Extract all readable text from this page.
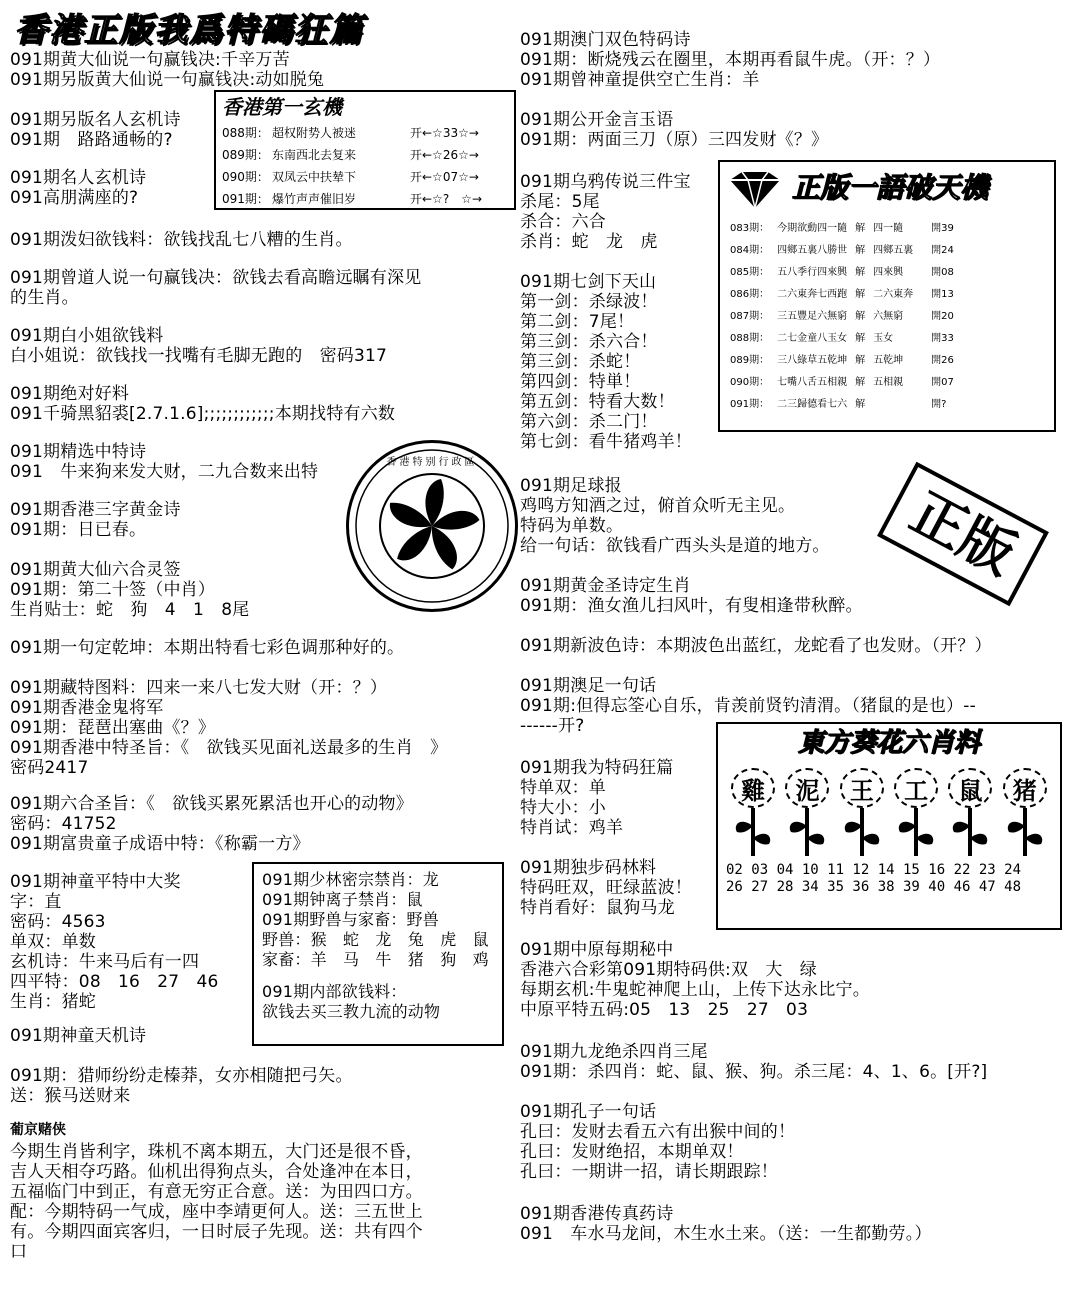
香港正版我爲特碼狂篇
091期黄大仙说一句赢钱决:千辛万苦
091期另版黄大仙说一句赢钱决:动如脱兔
091期另版名人玄机诗
091期　路路通畅的?
091期名人玄机诗
091高朋满座的?
091期泼妇欲钱料：欲钱找乱七八糟的生肖。
091期曾道人说一句赢钱决：欲钱去看高瞻远瞩有深见
的生肖。
091期白小姐欲钱料
白小姐说：欲钱找一找嘴有毛脚无跑的　密码317
091期绝对好料
091千骑黑貂裘[2.7.1.6];;;;;;;;;;;;本期找特有六数
091期精选中特诗
091　牛来狗来发大财，二九合数来出特
091期香港三字黄金诗
091期：日已春。
091期黄大仙六合灵签
091期：第二十签（中肖）
生肖贴士：蛇　狗　4　1　8尾
091期一句定乾坤：本期出特看七彩色调那种好的。
091期藏特图料：四来一来八七发大财（开：？）
091期香港金鬼将军
091期：琵琶出塞曲《？》
091期香港中特圣旨：《　欲钱买见面礼送最多的生肖　》
密码2417
091期六合圣旨：《　欲钱买累死累活也开心的动物》
密码：41752
091期富贵童子成语中特：《称霸一方》
091期神童平特中大奖
字：直
密码：4563
单双：单数
玄机诗：牛来马后有一四
四平特：08　16　27　46
生肖：猪蛇
091期神童天机诗
091期：猎师纷纷走榛莽，女亦相随把弓矢。
送：猴马送财来
葡京赌侠
今期生肖皆利字，珠机不离本期五，大门还是很不昏，
吉人天相夺巧路。仙机出得狗点头，合处逢冲在本日，
五福临门中到正，有意无穷正合意。送：为田四口方。
配：今期特码一气成，座中李靖更何人。送：三五世上
有。今期四面宾客归，一日时辰子先现。送：共有四个
口
091期澳门双色特码诗
091期：断烧残云在圈里，本期再看鼠牛虎。（开：？）
091期曾神童提供空亡生肖：羊
091期公开金言玉语
091期：两面三刀（原）三四发财《？》
091期乌鸦传说三件宝
杀尾：5尾
杀合：六合
杀肖：蛇　龙　虎
091期七剑下天山
第一剑：杀绿波！
第二剑：7尾！
第三剑：杀六合！
第三剑：杀蛇！
第四剑：特単！
第五剑：特看大数！
第六剑：杀二门！
第七剑：看牛猪鸡羊！
091期足球报
鸡鸣方知酒之过，俯首众听无主见。
特码为单数。
给一句话：欲钱看广西头头是道的地方。
091期黄金圣诗定生肖
091期：渔女渔儿扫风叶，有叟相逢带秋醉。
091期新波色诗：本期波色出蓝红，龙蛇看了也发财。（开？）
091期澳足一句话
091期:但得忘筌心自乐，肯羡前贤钓清渭。（猪鼠的是也）--
------开?
091期我为特码狂篇
特单双：单
特大小：小
特肖试：鸡羊
091期独步码林料
特码旺双，旺绿蓝波！
特肖看好：鼠狗马龙
091期中原每期秘中
香港六合彩第091期特码供:双　大　绿
每期玄机:牛鬼蛇神爬上山，上传下达永比宁。
中原平特五码:05　13　25　27　03
091期九龙绝杀四肖三尾
091期：杀四肖：蛇、鼠、猴、狗。杀三尾：4、1、6。[开?]
091期孔子一句话
孔曰：发财去看五六有出猴中间的！
孔曰：发财绝招，本期单双！
孔曰：一期讲一招，请长期跟踪！
091期香港传真药诗
091　车水马龙间，木生水土来。（送：一生都勤劳。）
香港第一玄機
088期： 超权附势人被迷	开←☆33☆→
089期： 东南西北去复来	开←☆26☆→
090期： 双凤云中扶辇下	开←☆07☆→
091期： 爆竹声声催旧岁	开←☆?　☆→	正版一語破天機
083期：	今期欲動四一隨	解	四一隨	開39
084期：	四鄉五裏八勝世	解	四鄉五裏	開24
085期：	五八季行四來興	解	四來興	開08
086期：	二六東奔七西跑	解	二六東奔	開13
087期：	三五豐足六無窮	解	六無窮	開20
088期：	二七金童八玉女	解	玉女	開33
089期：	三八綠草五乾坤	解	五乾坤	開26
090期：	七嘴八舌五相親	解	五相親	開07
091期：	二三歸德看七六	解		開?
091期少林密宗禁肖：龙
091期钟离子禁肖：鼠
091期野兽与家畜：野兽
野兽：猴　蛇　龙　兔　虎　鼠
家畜：羊　马　牛　猪　狗　鸡
091期内部欲钱料：
欲钱去买三教九流的动物
東方葵花六肖料
雞	泥	王	工	鼠	猪
02 03 04 10 11 12 14 15 16 22 23 24
26 27 28 34 35 36 38 39 40 46 47 48
香港特别行政區
正版
